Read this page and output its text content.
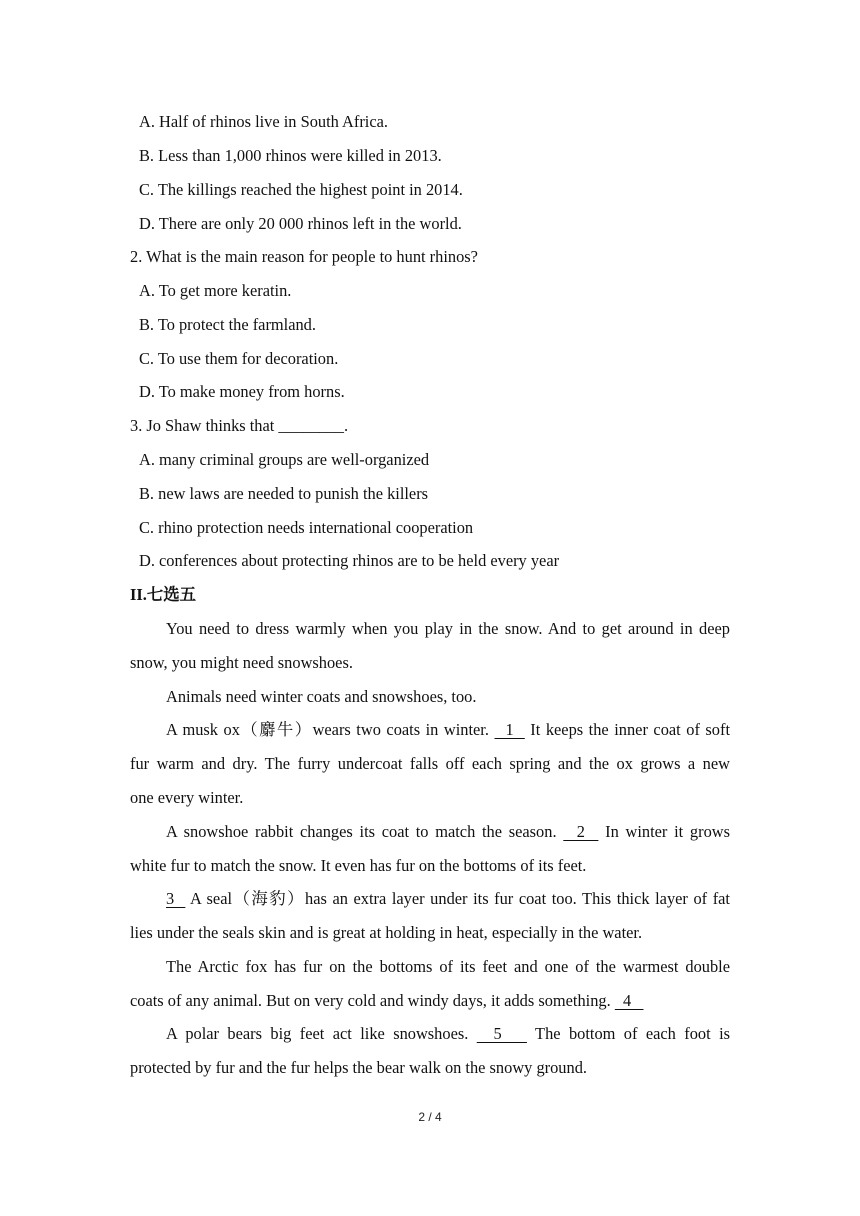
A. Half of rhinos live in South Africa.
B. Less than 1,000 rhinos were killed in 2013.
C. The killings reached the highest point in 2014.
D. There are only 20 000 rhinos left in the world.
2. What is the main reason for people to hunt rhinos?
A. To get more keratin.
B. To protect the farmland.
C. To use them for decoration.
D. To make money from horns.
3. Jo Shaw thinks that ________.
A. many criminal groups are well-organized
B. new laws are needed to punish the killers
C. rhino protection needs international cooperation
D. conferences about protecting rhinos are to be held every year
II.七选五
You need to dress warmly when you play in the snow. And to get around in deep
snow, you might need snowshoes.
Animals need winter coats and snowshoes, too.
A musk ox（麝牛）wears two coats in winter.   1   It keeps the inner coat of soft
fur warm and dry. The furry undercoat falls off each spring and the ox grows a new
one every winter.
A snowshoe rabbit changes its coat to match the season.   2   In winter it grows
white fur to match the snow. It even has fur on the bottoms of its feet.
3   A seal（海豹）has an extra layer under its fur coat too. This thick layer of fat
lies under the seals skin and is great at holding in heat, especially in the water.
The Arctic fox has fur on the bottoms of its feet and one of the warmest double
coats of any animal. But on very cold and windy days, it adds something.   4
A polar bears big feet act like snowshoes.   5    The bottom of each foot is
protected by fur and the fur helps the bear walk on the snowy ground.
2 / 4
